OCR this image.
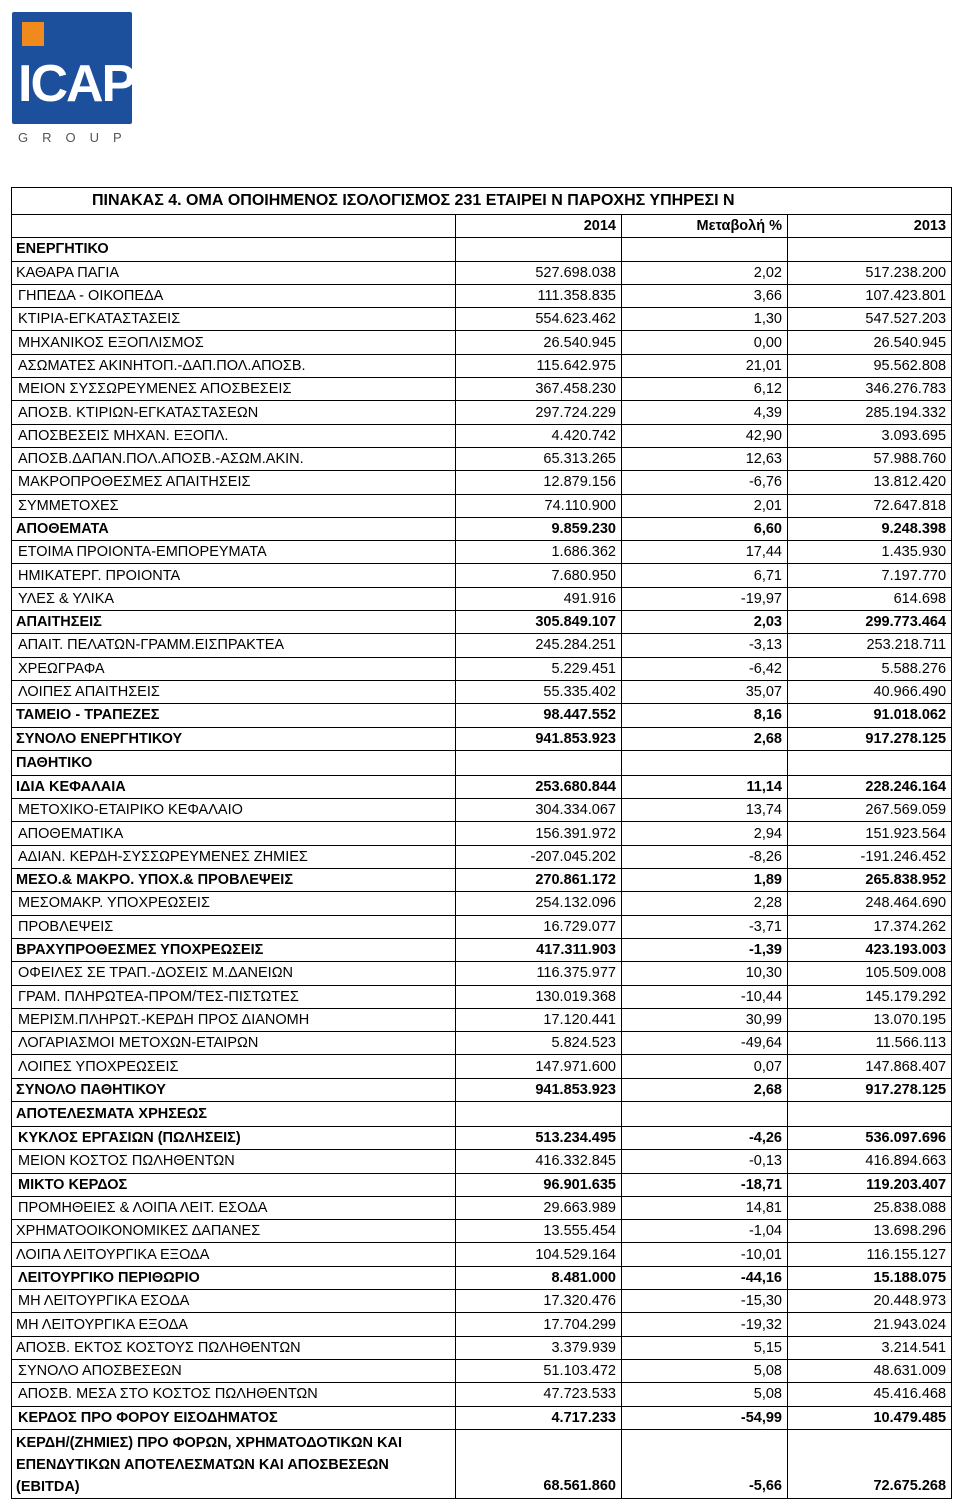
ICAP
GROUP
ΠΙΝΑΚΑΣ 4. ΟΜΑ ΟΠΟΙΗΜΕΝΟΣ ΙΣΟΛΟΓΙΣΜΟΣ 231 ΕΤΑΙΡΕΙ Ν ΠΑΡΟΧΗΣ ΥΠΗΡΕΣΙ Ν			
	2014	Μεταβολή %	2013
ΕΝΕΡΓΗΤΙΚΟ			
ΚΑΘΑΡΑ ΠΑΓΙΑ	527.698.038	2,02	517.238.200
ΓΗΠΕΔΑ - ΟΙΚΟΠΕΔΑ	111.358.835	3,66	107.423.801
ΚΤΙΡΙΑ-ΕΓΚΑΤΑΣΤΑΣΕΙΣ	554.623.462	1,30	547.527.203
ΜΗΧΑΝΙΚΟΣ ΕΞΟΠΛΙΣΜΟΣ	26.540.945	0,00	26.540.945
ΑΣΩΜΑΤΕΣ ΑΚΙΝΗΤΟΠ.-ΔΑΠ.ΠΟΛ.ΑΠΟΣΒ.	115.642.975	21,01	95.562.808
ΜΕΙΟΝ ΣΥΣΣΩΡΕΥΜΕΝΕΣ ΑΠΟΣΒΕΣΕΙΣ	367.458.230	6,12	346.276.783
ΑΠΟΣΒ. ΚΤΙΡΙΩΝ-ΕΓΚΑΤΑΣΤΑΣΕΩΝ	297.724.229	4,39	285.194.332
ΑΠΟΣΒΕΣΕΙΣ ΜΗΧΑΝ. ΕΞΟΠΛ.	4.420.742	42,90	3.093.695
ΑΠΟΣΒ.ΔΑΠΑΝ.ΠΟΛ.ΑΠΟΣΒ.-ΑΣΩΜ.ΑΚΙΝ.	65.313.265	12,63	57.988.760
ΜΑΚΡΟΠΡΟΘΕΣΜΕΣ ΑΠΑΙΤΗΣΕΙΣ	12.879.156	-6,76	13.812.420
ΣΥΜΜΕΤΟΧΕΣ	74.110.900	2,01	72.647.818
ΑΠΟΘΕΜΑΤΑ	9.859.230	6,60	9.248.398
ΕΤΟΙΜΑ ΠΡΟΙΟΝΤΑ-ΕΜΠΟΡΕΥΜΑΤΑ	1.686.362	17,44	1.435.930
ΗΜΙΚΑΤΕΡΓ. ΠΡΟΙΟΝΤΑ	7.680.950	6,71	7.197.770
ΥΛΕΣ & ΥΛΙΚΑ	491.916	-19,97	614.698
ΑΠΑΙΤΗΣΕΙΣ	305.849.107	2,03	299.773.464
ΑΠΑΙΤ. ΠΕΛΑΤΩΝ-ΓΡΑΜΜ.ΕΙΣΠΡΑΚΤΕΑ	245.284.251	-3,13	253.218.711
ΧΡΕΩΓΡΑΦΑ	5.229.451	-6,42	5.588.276
ΛΟΙΠΕΣ ΑΠΑΙΤΗΣΕΙΣ	55.335.402	35,07	40.966.490
ΤΑΜΕΙΟ - ΤΡΑΠΕΖΕΣ	98.447.552	8,16	91.018.062
ΣΥΝΟΛΟ ΕΝΕΡΓΗΤΙΚΟΥ	941.853.923	2,68	917.278.125
ΠΑΘΗΤΙΚΟ			
ΙΔΙΑ ΚΕΦΑΛΑΙΑ	253.680.844	11,14	228.246.164
ΜΕΤΟΧΙΚΟ-ΕΤΑΙΡΙΚΟ ΚΕΦΑΛΑΙΟ	304.334.067	13,74	267.569.059
ΑΠΟΘΕΜΑΤΙΚΑ	156.391.972	2,94	151.923.564
ΑΔΙΑΝ. ΚΕΡΔΗ-ΣΥΣΣΩΡΕΥΜΕΝΕΣ ΖΗΜΙΕΣ	-207.045.202	-8,26	-191.246.452
ΜΕΣΟ.& ΜΑΚΡΟ. ΥΠΟΧ.& ΠΡΟΒΛΕΨΕΙΣ	270.861.172	1,89	265.838.952
ΜΕΣΟΜΑΚΡ. ΥΠΟΧΡΕΩΣΕΙΣ	254.132.096	2,28	248.464.690
ΠΡΟΒΛΕΨΕΙΣ	16.729.077	-3,71	17.374.262
ΒΡΑΧΥΠΡΟΘΕΣΜΕΣ ΥΠΟΧΡΕΩΣΕΙΣ	417.311.903	-1,39	423.193.003
ΟΦΕΙΛΕΣ ΣΕ ΤΡΑΠ.-ΔΟΣΕΙΣ Μ.ΔΑΝΕΙΩΝ	116.375.977	10,30	105.509.008
ΓΡΑΜ. ΠΛΗΡΩΤΕΑ-ΠΡΟΜ/ΤΕΣ-ΠΙΣΤΩΤΕΣ	130.019.368	-10,44	145.179.292
ΜΕΡΙΣΜ.ΠΛΗΡΩΤ.-ΚΕΡΔΗ ΠΡΟΣ ΔΙΑΝΟΜΗ	17.120.441	30,99	13.070.195
ΛΟΓΑΡΙΑΣΜΟΙ ΜΕΤΟΧΩΝ-ΕΤΑΙΡΩΝ	5.824.523	-49,64	11.566.113
ΛΟΙΠΕΣ ΥΠΟΧΡΕΩΣΕΙΣ	147.971.600	0,07	147.868.407
ΣΥΝΟΛΟ ΠΑΘΗΤΙΚΟΥ	941.853.923	2,68	917.278.125
ΑΠΟΤΕΛΕΣΜΑΤΑ ΧΡΗΣΕΩΣ			
ΚΥΚΛΟΣ ΕΡΓΑΣΙΩΝ (ΠΩΛΗΣΕΙΣ)	513.234.495	-4,26	536.097.696
ΜΕΙΟΝ ΚΟΣΤΟΣ ΠΩΛΗΘΕΝΤΩΝ	416.332.845	-0,13	416.894.663
ΜΙΚΤΟ ΚΕΡΔΟΣ	96.901.635	-18,71	119.203.407
ΠΡΟΜΗΘΕΙΕΣ & ΛΟΙΠΑ ΛΕΙΤ. ΕΣΟΔΑ	29.663.989	14,81	25.838.088
ΧΡΗΜΑΤΟΟΙΚΟΝΟΜΙΚΕΣ ΔΑΠΑΝΕΣ	13.555.454	-1,04	13.698.296
ΛΟΙΠΑ ΛΕΙΤΟΥΡΓΙΚΑ ΕΞΟΔΑ	104.529.164	-10,01	116.155.127
ΛΕΙΤΟΥΡΓΙΚΟ ΠΕΡΙΘΩΡΙΟ	8.481.000	-44,16	15.188.075
ΜΗ ΛΕΙΤΟΥΡΓΙΚΑ ΕΣΟΔΑ	17.320.476	-15,30	20.448.973
ΜΗ ΛΕΙΤΟΥΡΓΙΚΑ ΕΞΟΔΑ	17.704.299	-19,32	21.943.024
ΑΠΟΣΒ. ΕΚΤΟΣ ΚΟΣΤΟΥΣ ΠΩΛΗΘΕΝΤΩΝ	3.379.939	5,15	3.214.541
ΣΥΝΟΛΟ ΑΠΟΣΒΕΣΕΩΝ	51.103.472	5,08	48.631.009
ΑΠΟΣΒ. ΜΕΣΑ ΣΤΟ ΚΟΣΤΟΣ ΠΩΛΗΘΕΝΤΩΝ	47.723.533	5,08	45.416.468
ΚΕΡΔΟΣ ΠΡΟ ΦΟΡΟΥ ΕΙΣΟΔΗΜΑΤΟΣ	4.717.233	-54,99	10.479.485
ΚΕΡΔΗ/(ΖΗΜΙΕΣ) ΠΡΟ ΦΟΡΩΝ, ΧΡΗΜΑΤΟΔΟΤΙΚΩΝ ΚΑΙ ΕΠΕΝΔΥΤΙΚΩΝ ΑΠΟΤΕΛΕΣΜΑΤΩΝ ΚΑΙ ΑΠΟΣΒΕΣΕΩΝ (EBITDA)	68.561.860	-5,66	72.675.268
